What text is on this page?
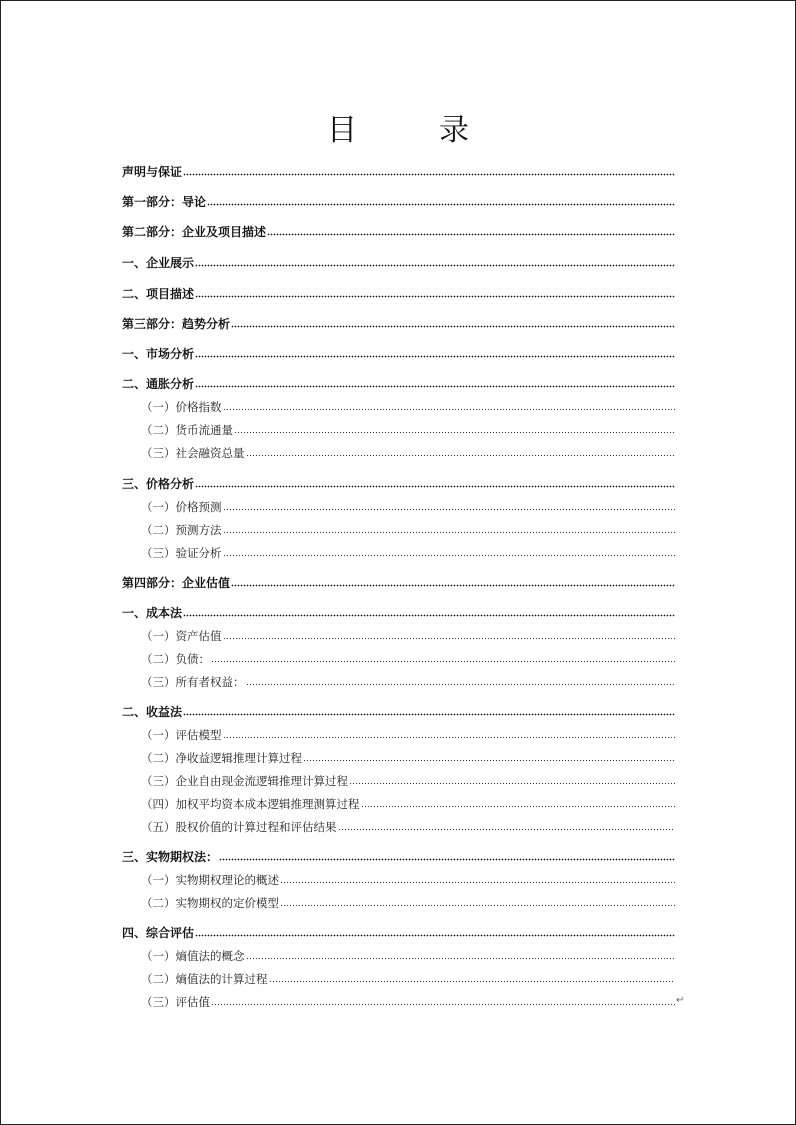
目　录
声明与保证
第一部分：导论
第二部分：企业及项目描述
一、企业展示
二、项目描述
第三部分：趋势分析
一、市场分析
二、通胀分析
（一）价格指数
（二）货币流通量
（三）社会融资总量
三、价格分析
（一）价格预测
（二）预测方法
（三）验证分析
第四部分：企业估值
一、成本法
（一）资产估值
（二）负债：
（三）所有者权益：
二、收益法
（一）评估模型
（二）净收益逻辑推理计算过程
（三）企业自由现金流逻辑推理计算过程
（四）加权平均资本成本逻辑推理测算过程
（五）股权价值的计算过程和评估结果
三、实物期权法：
（一）实物期权理论的概述
（二）实物期权的定价模型
四、综合评估
（一）熵值法的概念
（二）熵值法的计算过程
（三）评估值	↵
